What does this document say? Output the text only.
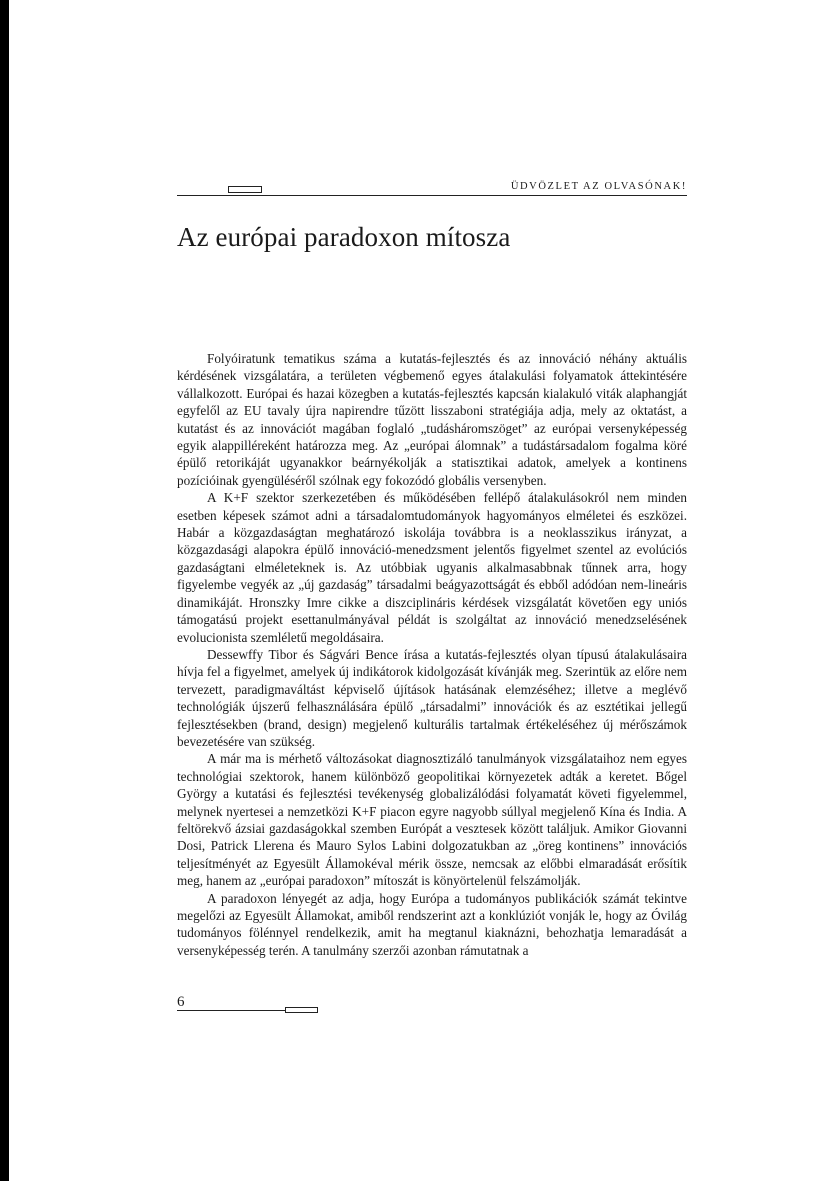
ÜDVÖZLET AZ OLVASÓNAK!
Az európai paradoxon mítosza

Folyóiratunk tematikus száma a kutatás-fejlesztés és az innováció néhány aktuális kérdésének vizsgálatára, a területen végbemenő egyes átalakulási folyamatok áttekintésére vállalkozott. Európai és hazai közegben a kutatás-fejlesztés kapcsán kialakuló viták alaphangját egyfelől az EU tavaly újra napirendre tűzött lisszaboni stratégiája adja, mely az oktatást, a kutatást és az innovációt magában foglaló „tudásháromszöget” az európai versenyképesség egyik alappilléreként határozza meg. Az „európai álomnak” a tudástársadalom fogalma köré épülő retorikáját ugyanakkor beárnyékolják a statisztikai adatok, amelyek a kontinens pozícióinak gyengüléséről szólnak egy fokozódó globális versenyben.

A K+F szektor szerkezetében és működésében fellépő átalakulásokról nem minden esetben képesek számot adni a társadalomtudományok hagyományos elméletei és eszközei. Habár a közgazdaságtan meghatározó iskolája továbbra is a neoklasszikus irányzat, a közgazdasági alapokra épülő innováció-menedzsment jelentős figyelmet szentel az evolúciós gazdaságtani elméleteknek is. Az utóbbiak ugyanis alkalmasabbnak tűnnek arra, hogy figyelembe vegyék az „új gazdaság” társadalmi beágyazottságát és ebből adódóan nem-lineáris dinamikáját. Hronszky Imre cikke a diszciplináris kérdések vizsgálatát követően egy uniós támogatású projekt esettanulmányával példát is szolgáltat az innováció menedzselésének evolucionista szemléletű megoldásaira.

Dessewffy Tibor és Ságvári Bence írása a kutatás-fejlesztés olyan típusú átalakulásaira hívja fel a figyelmet, amelyek új indikátorok kidolgozását kívánják meg. Szerintük az előre nem tervezett, paradigmaváltást képviselő újítások hatásának elemzéséhez; illetve a meglévő technológiák újszerű felhasználására épülő „társadalmi” innovációk és az esztétikai jellegű fejlesztésekben (brand, design) megjelenő kulturális tartalmak értékeléséhez új mérőszámok bevezetésére van szükség.

A már ma is mérhető változásokat diagnosztizáló tanulmányok vizsgálataihoz nem egyes technológiai szektorok, hanem különböző geopolitikai környezetek adták a keretet. Bőgel György a kutatási és fejlesztési tevékenység globalizálódási folyamatát követi figyelemmel, melynek nyertesei a nemzetközi K+F piacon egyre nagyobb súllyal megjelenő Kína és India. A feltörekvő ázsiai gazdaságokkal szemben Európát a vesztesek között találjuk. Amikor Giovanni Dosi, Patrick Llerena és Mauro Sylos Labini dolgozatukban az „öreg kontinens” innovációs teljesítményét az Egyesült Államokéval mérik össze, nemcsak az előbbi elmaradását erősítik meg, hanem az „európai paradoxon” mítoszát is könyörtelenül felszámolják.

A paradoxon lényegét az adja, hogy Európa a tudományos publikációk számát tekintve megelőzi az Egyesült Államokat, amiből rendszerint azt a konklúziót vonják le, hogy az Óvilág tudományos fölénnyel rendelkezik, amit ha megtanul kiaknázni, behozhatja lemaradását a versenyképesség terén. A tanulmány szerzői azonban rámutatnak a

6
